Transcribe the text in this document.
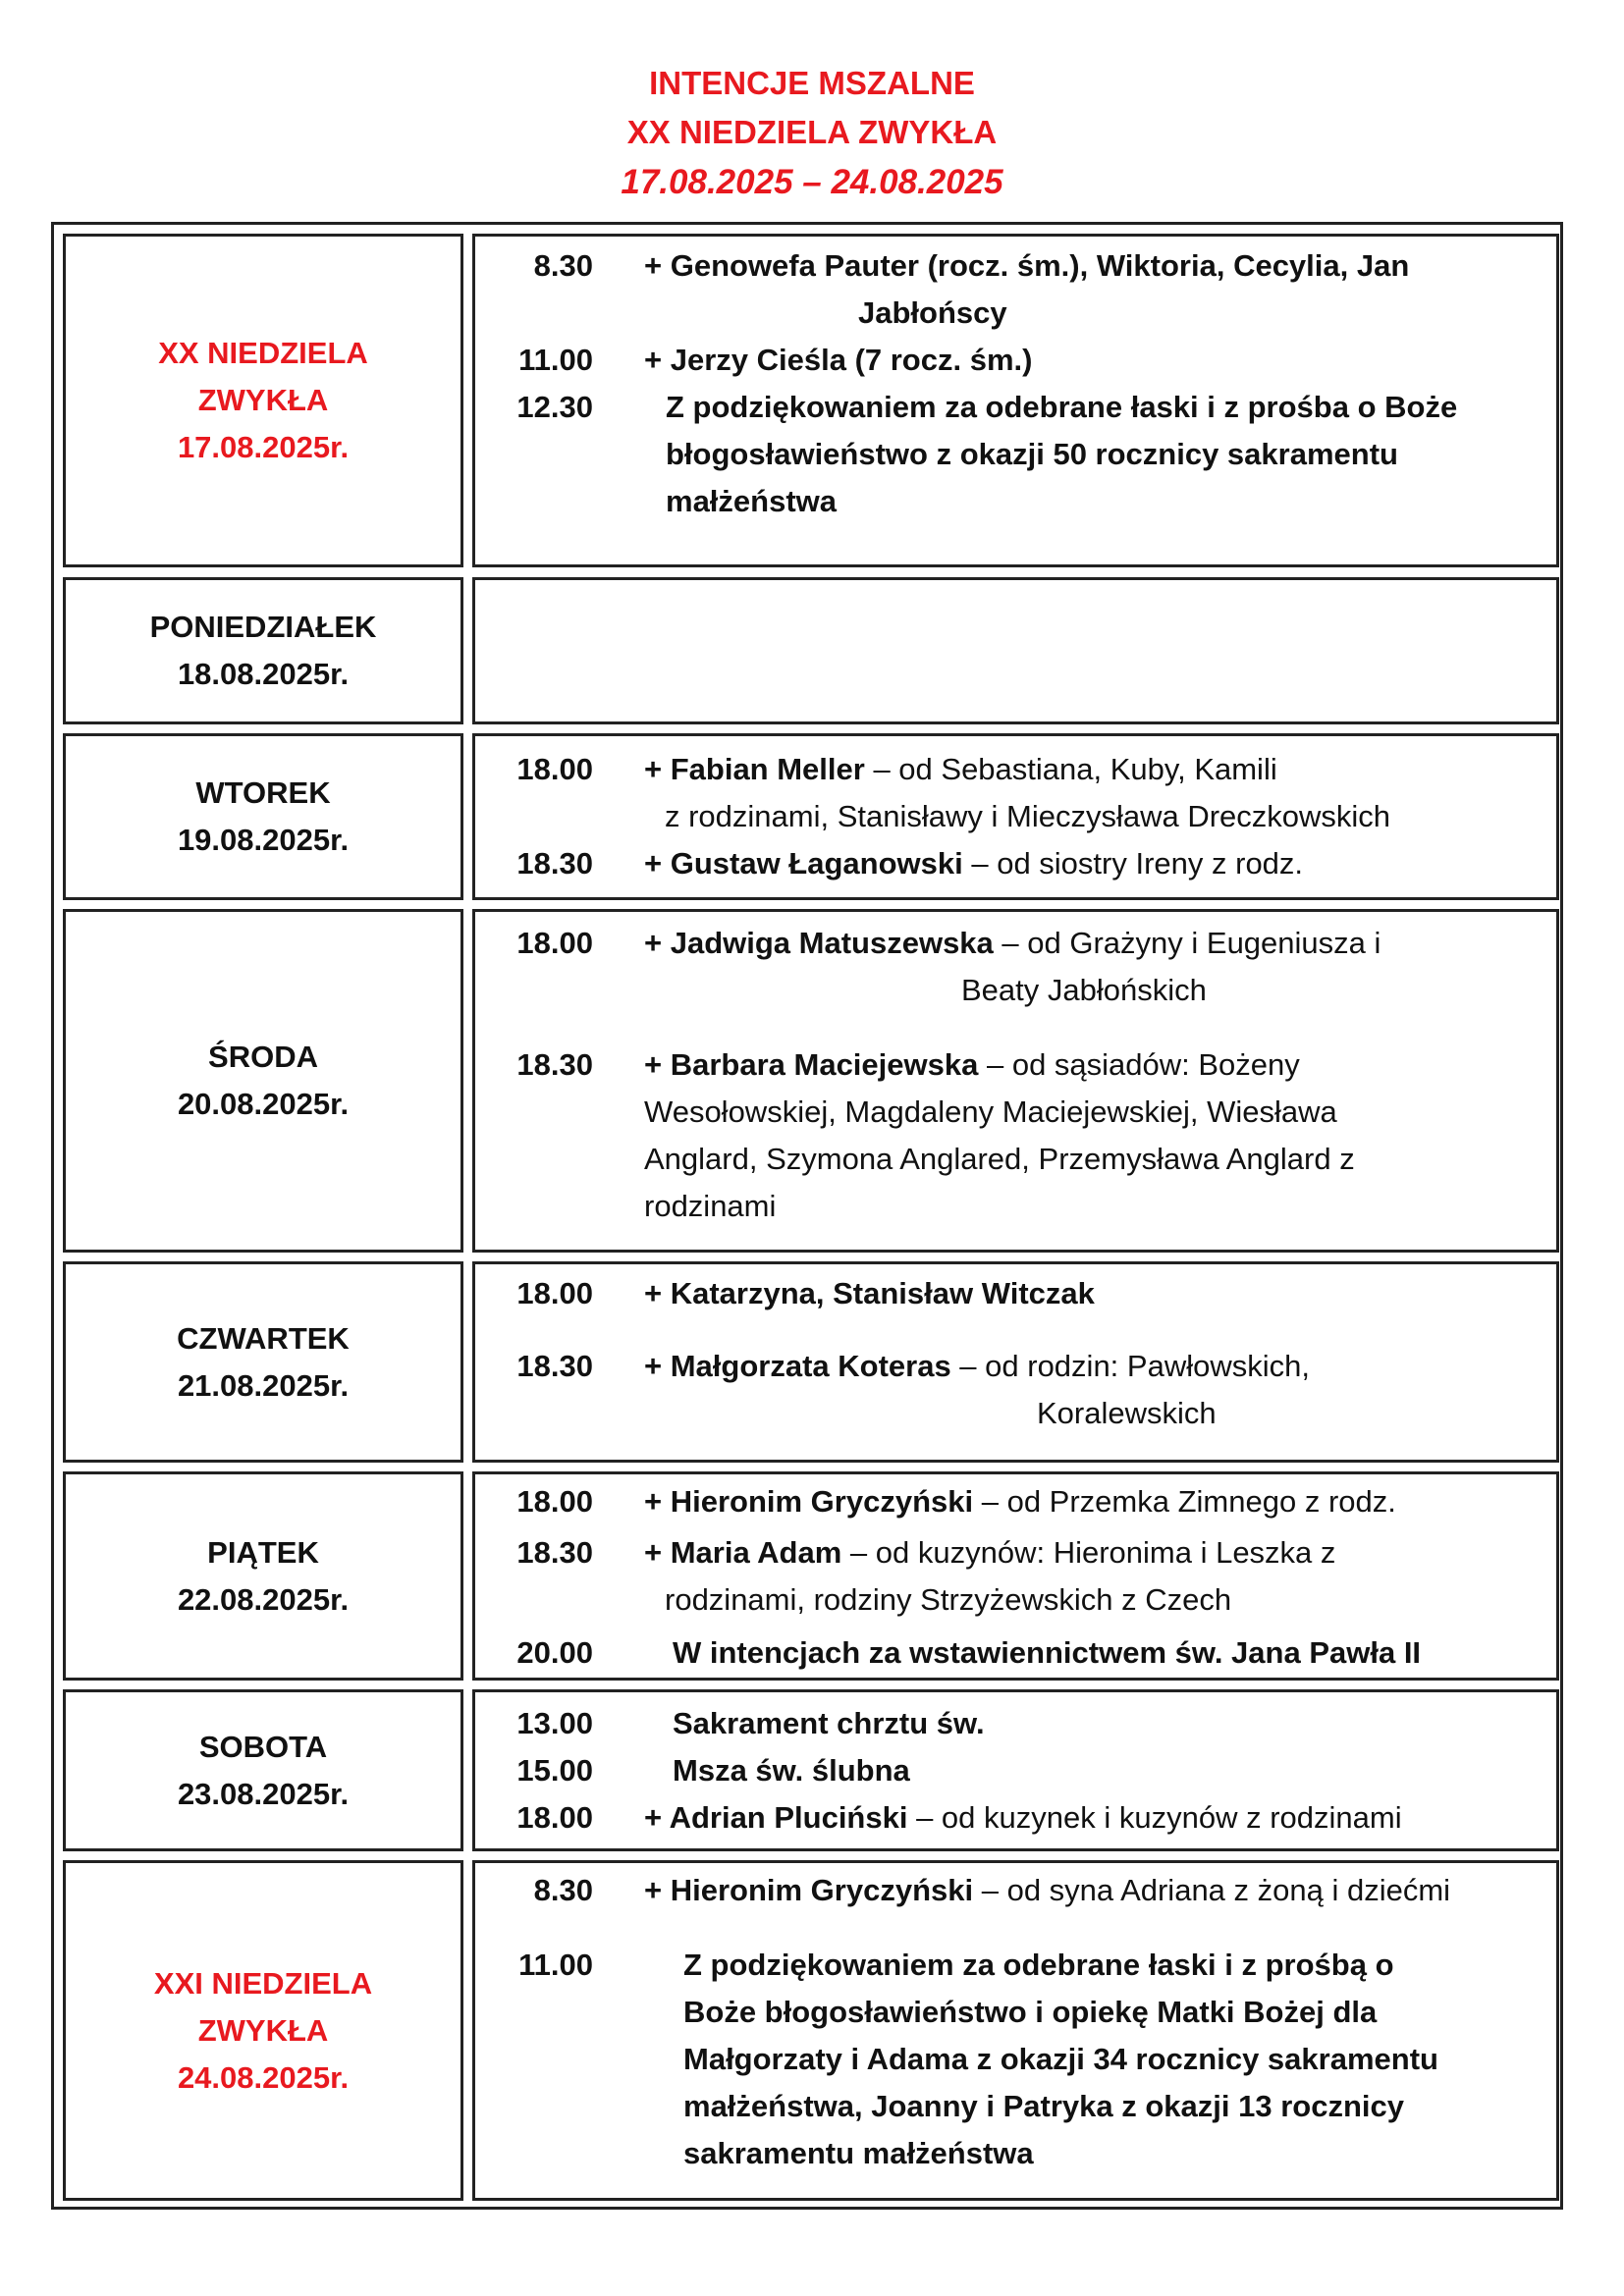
INTENCJE MSZALNE
XX NIEDZIELA ZWYKŁA
17.08.2025 – 24.08.2025
XX NIEDZIELA
ZWYKŁA
17.08.2025r.
8.30 + Genowefa Pauter (rocz. śm.), Wiktoria, Cecylia, Jan
Jabłońscy
11.00 + Jerzy Cieśla (7 rocz. śm.)
12.30 Z podziękowaniem za odebrane łaski i z prośba o Boże
błogosławieństwo z okazji 50 rocznicy sakramentu
małżeństwa
PONIEDZIAŁEK
18.08.2025r.
WTOREK
19.08.2025r.
18.00 + Fabian Meller – od Sebastiana, Kuby, Kamili
z rodzinami, Stanisławy i Mieczysława Dreczkowskich
18.30 + Gustaw Łaganowski – od siostry Ireny z rodz.
ŚRODA
20.08.2025r.
18.00 + Jadwiga Matuszewska – od Grażyny i Eugeniusza i
Beaty Jabłońskich
18.30 + Barbara Maciejewska – od sąsiadów: Bożeny
Wesołowskiej, Magdaleny Maciejewskiej, Wiesława
Anglard, Szymona Anglared, Przemysława Anglard z
rodzinami
CZWARTEK
21.08.2025r.
18.00 + Katarzyna, Stanisław Witczak
18.30 + Małgorzata Koteras – od rodzin: Pawłowskich,
Koralewskich
PIĄTEK
22.08.2025r.
18.00 + Hieronim Gryczyński – od Przemka Zimnego z rodz.
18.30 + Maria Adam – od kuzynów: Hieronima i Leszka z
rodzinami, rodziny Strzyżewskich z Czech
20.00	W intencjach za wstawiennictwem św. Jana Pawła II
SOBOTA
23.08.2025r.
13.00	Sakrament chrztu św.
15.00	Msza św. ślubna
18.00 + Adrian Pluciński – od kuzynek i kuzynów z rodzinami
XXI NIEDZIELA
ZWYKŁA
24.08.2025r.
8.30 + Hieronim Gryczyński – od syna Adriana z żoną i dziećmi
11.00	Z podziękowaniem za odebrane łaski i z prośbą o
Boże błogosławieństwo i opiekę Matki Bożej dla
Małgorzaty i Adama z okazji 34 rocznicy sakramentu
małżeństwa, Joanny i Patryka z okazji 13 rocznicy
sakramentu małżeństwa
